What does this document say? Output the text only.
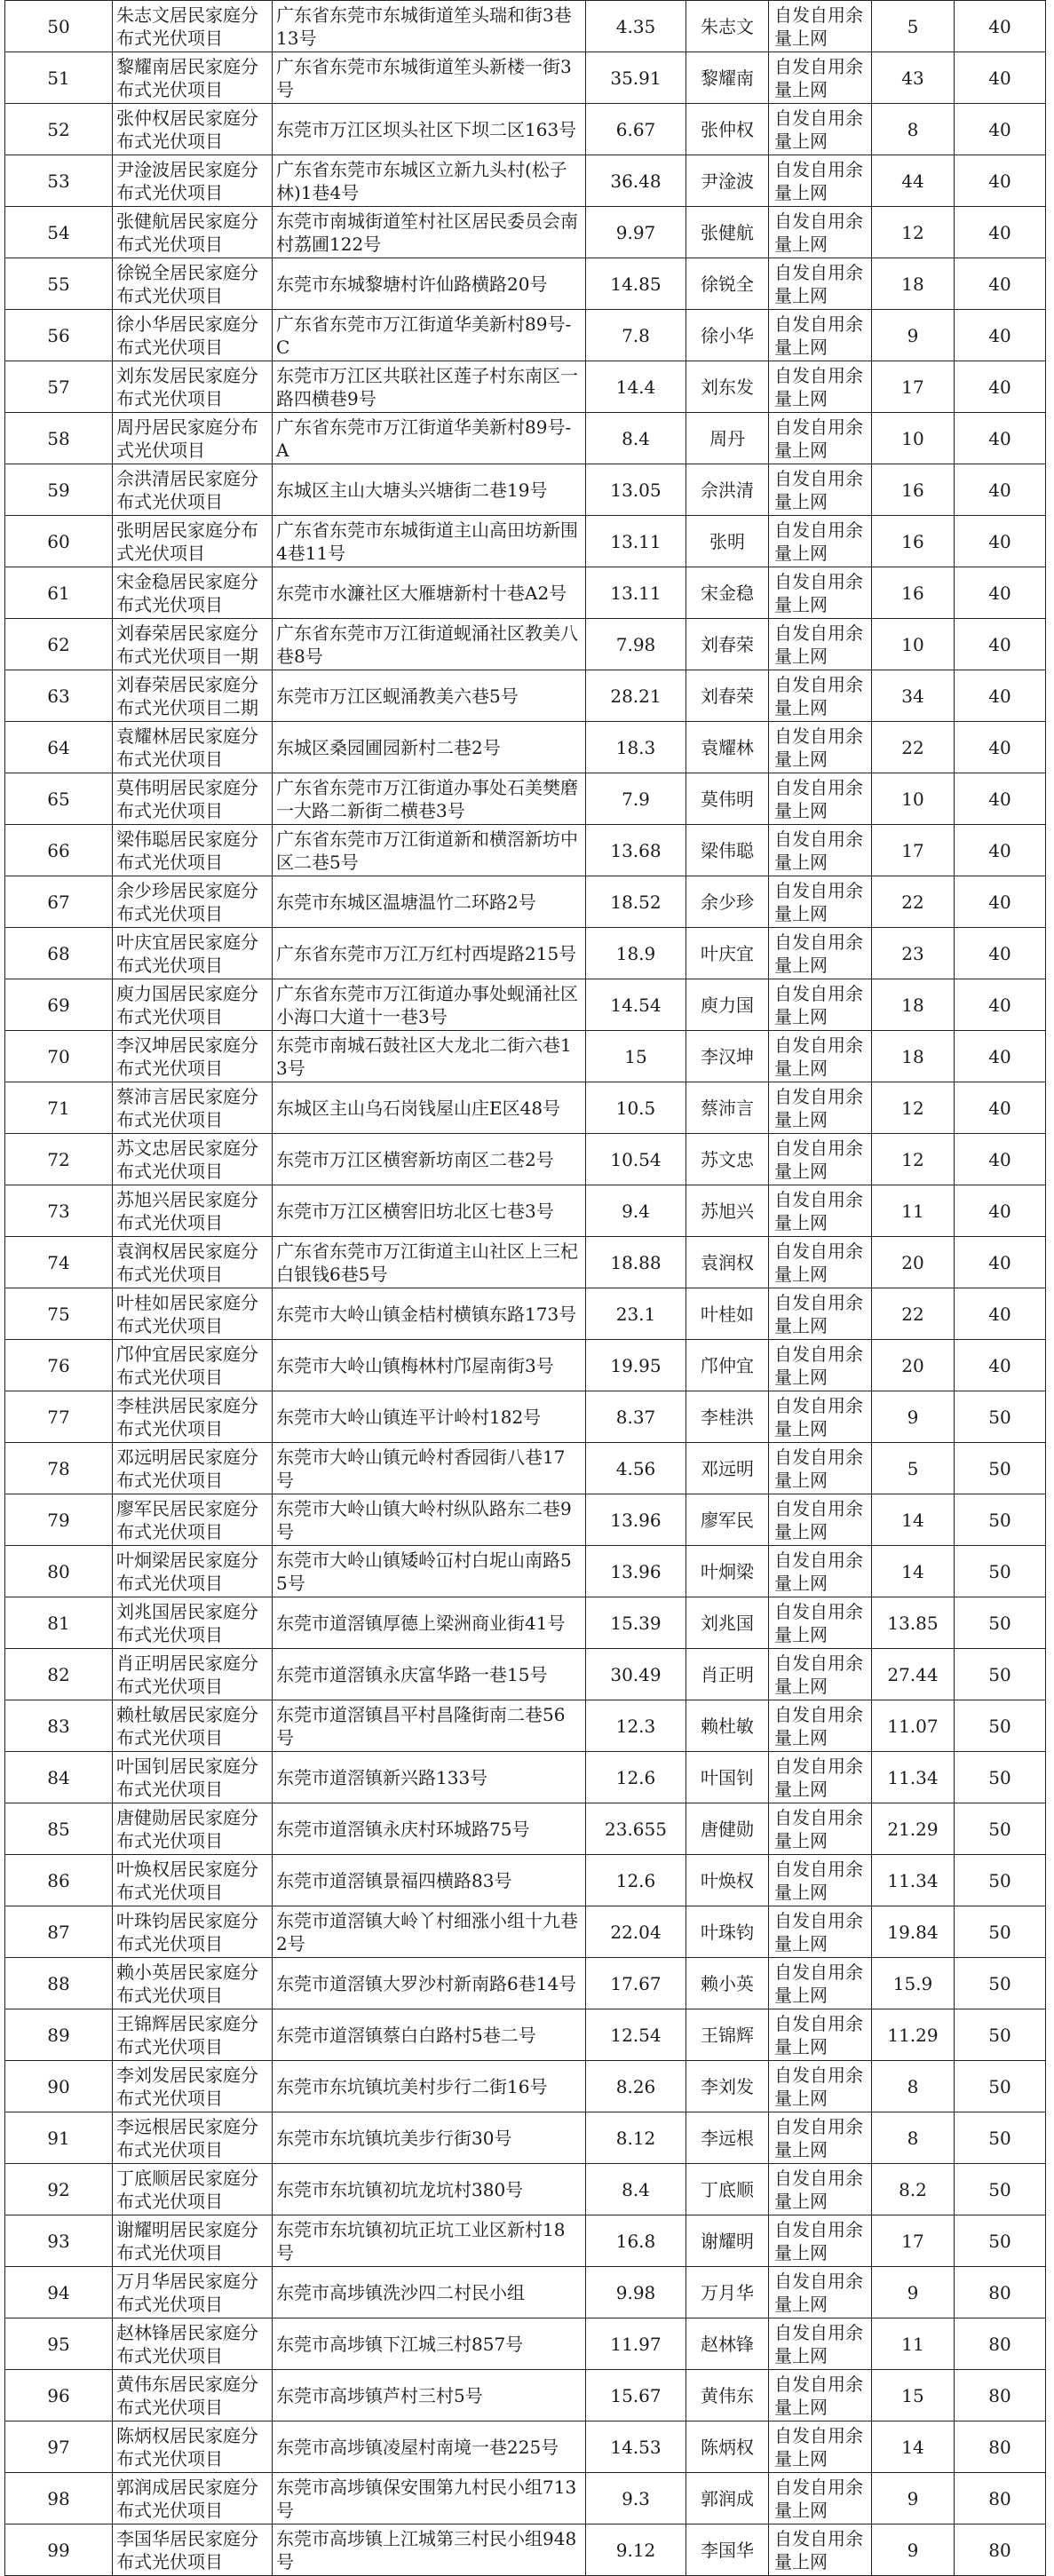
50	朱志文居民家庭分布式光伏项目	广东省东莞市东城街道笙头瑞和街3巷13号	4.35	朱志文	自发自用余量上网	5	40
51	黎耀南居民家庭分布式光伏项目	广东省东莞市东城街道笙头新楼一街3号	35.91	黎耀南	自发自用余量上网	43	40
52	张仲权居民家庭分布式光伏项目	东莞市万江区坝头社区下坝二区163号	6.67	张仲权	自发自用余量上网	8	40
53	尹淦波居民家庭分布式光伏项目	广东省东莞市东城区立新九头村(松子林)1巷4号	36.48	尹淦波	自发自用余量上网	44	40
54	张健航居民家庭分布式光伏项目	东莞市南城街道笙村社区居民委员会南村荔圃122号	9.97	张健航	自发自用余量上网	12	40
55	徐锐全居民家庭分布式光伏项目	东莞市东城黎塘村许仙路横路20号	14.85	徐锐全	自发自用余量上网	18	40
56	徐小华居民家庭分布式光伏项目	广东省东莞市万江街道华美新村89号-C	7.8	徐小华	自发自用余量上网	9	40
57	刘东发居民家庭分布式光伏项目	东莞市万江区共联社区莲子村东南区一路四横巷9号	14.4	刘东发	自发自用余量上网	17	40
58	周丹居民家庭分布式光伏项目	广东省东莞市万江街道华美新村89号-A	8.4	周丹	自发自用余量上网	10	40
59	佘洪清居民家庭分布式光伏项目	东城区主山大塘头兴塘街二巷19号	13.05	佘洪清	自发自用余量上网	16	40
60	张明居民家庭分布式光伏项目	广东省东莞市东城街道主山高田坊新围4巷11号	13.11	张明	自发自用余量上网	16	40
61	宋金稳居民家庭分布式光伏项目	东莞市水濂社区大雁塘新村十巷A2号	13.11	宋金稳	自发自用余量上网	16	40
62	刘春荣居民家庭分布式光伏项目一期	广东省东莞市万江街道蚬涌社区教美八巷8号	7.98	刘春荣	自发自用余量上网	10	40
63	刘春荣居民家庭分布式光伏项目二期	东莞市万江区蚬涌教美六巷5号	28.21	刘春荣	自发自用余量上网	34	40
64	袁耀林居民家庭分布式光伏项目	东城区桑园圃园新村二巷2号	18.3	袁耀林	自发自用余量上网	22	40
65	莫伟明居民家庭分布式光伏项目	广东省东莞市万江街道办事处石美樊磨一大路二新街二横巷3号	7.9	莫伟明	自发自用余量上网	10	40
66	梁伟聪居民家庭分布式光伏项目	广东省东莞市万江街道新和横滘新坊中区二巷5号	13.68	梁伟聪	自发自用余量上网	17	40
67	余少珍居民家庭分布式光伏项目	东莞市东城区温塘温竹二环路2号	18.52	余少珍	自发自用余量上网	22	40
68	叶庆宜居民家庭分布式光伏项目	广东省东莞市万江万红村西堤路215号	18.9	叶庆宜	自发自用余量上网	23	40
69	庾力国居民家庭分布式光伏项目	广东省东莞市万江街道办事处蚬涌社区小海口大道十一巷3号	14.54	庾力国	自发自用余量上网	18	40
70	李汉坤居民家庭分布式光伏项目	东莞市南城石鼓社区大龙北二街六巷13号	15	李汉坤	自发自用余量上网	18	40
71	蔡沛言居民家庭分布式光伏项目	东城区主山乌石岗钱屋山庄E区48号	10.5	蔡沛言	自发自用余量上网	12	40
72	苏文忠居民家庭分布式光伏项目	东莞市万江区横窖新坊南区二巷2号	10.54	苏文忠	自发自用余量上网	12	40
73	苏旭兴居民家庭分布式光伏项目	东莞市万江区横窖旧坊北区七巷3号	9.4	苏旭兴	自发自用余量上网	11	40
74	袁润权居民家庭分布式光伏项目	广东省东莞市万江街道主山社区上三杞白银钱6巷5号	18.88	袁润权	自发自用余量上网	20	40
75	叶桂如居民家庭分布式光伏项目	东莞市大岭山镇金桔村横镇东路173号	23.1	叶桂如	自发自用余量上网	22	40
76	邝仲宜居民家庭分布式光伏项目	东莞市大岭山镇梅林村邝屋南街3号	19.95	邝仲宜	自发自用余量上网	20	40
77	李桂洪居民家庭分布式光伏项目	东莞市大岭山镇连平计岭村182号	8.37	李桂洪	自发自用余量上网	9	50
78	邓远明居民家庭分布式光伏项目	东莞市大岭山镇元岭村香园街八巷17号	4.56	邓远明	自发自用余量上网	5	50
79	廖军民居民家庭分布式光伏项目	东莞市大岭山镇大岭村纵队路东二巷9号	13.96	廖军民	自发自用余量上网	14	50
80	叶炯梁居民家庭分布式光伏项目	东莞市大岭山镇矮岭冚村白坭山南路55号	13.96	叶炯梁	自发自用余量上网	14	50
81	刘兆国居民家庭分布式光伏项目	东莞市道滘镇厚德上梁洲商业街41号	15.39	刘兆国	自发自用余量上网	13.85	50
82	肖正明居民家庭分布式光伏项目	东莞市道滘镇永庆富华路一巷15号	30.49	肖正明	自发自用余量上网	27.44	50
83	赖杜敏居民家庭分布式光伏项目	东莞市道滘镇昌平村昌隆街南二巷56号	12.3	赖杜敏	自发自用余量上网	11.07	50
84	叶国钊居民家庭分布式光伏项目	东莞市道滘镇新兴路133号	12.6	叶国钊	自发自用余量上网	11.34	50
85	唐健勋居民家庭分布式光伏项目	东莞市道滘镇永庆村环城路75号	23.655	唐健勋	自发自用余量上网	21.29	50
86	叶焕权居民家庭分布式光伏项目	东莞市道滘镇景福四横路83号	12.6	叶焕权	自发自用余量上网	11.34	50
87	叶珠钧居民家庭分布式光伏项目	东莞市道滘镇大岭丫村细涨小组十九巷2号	22.04	叶珠钧	自发自用余量上网	19.84	50
88	赖小英居民家庭分布式光伏项目	东莞市道滘镇大罗沙村新南路6巷14号	17.67	赖小英	自发自用余量上网	15.9	50
89	王锦辉居民家庭分布式光伏项目	东莞市道滘镇蔡白白路村5巷二号	12.54	王锦辉	自发自用余量上网	11.29	50
90	李刘发居民家庭分布式光伏项目	东莞市东坑镇坑美村步行二街16号	8.26	李刘发	自发自用余量上网	8	50
91	李远根居民家庭分布式光伏项目	东莞市东坑镇坑美步行街30号	8.12	李远根	自发自用余量上网	8	50
92	丁底顺居民家庭分布式光伏项目	东莞市东坑镇初坑龙坑村380号	8.4	丁底顺	自发自用余量上网	8.2	50
93	谢耀明居民家庭分布式光伏项目	东莞市东坑镇初坑正坑工业区新村18号	16.8	谢耀明	自发自用余量上网	17	50
94	万月华居民家庭分布式光伏项目	东莞市高埗镇洗沙四二村民小组	9.98	万月华	自发自用余量上网	9	80
95	赵林锋居民家庭分布式光伏项目	东莞市高埗镇下江城三村857号	11.97	赵林锋	自发自用余量上网	11	80
96	黄伟东居民家庭分布式光伏项目	东莞市高埗镇芦村三村5号	15.67	黄伟东	自发自用余量上网	15	80
97	陈炳权居民家庭分布式光伏项目	东莞市高埗镇凌屋村南境一巷225号	14.53	陈炳权	自发自用余量上网	14	80
98	郭润成居民家庭分布式光伏项目	东莞市高埗镇保安围第九村民小组713号	9.3	郭润成	自发自用余量上网	9	80
99	李国华居民家庭分布式光伏项目	东莞市高埗镇上江城第三村民小组948号	9.12	李国华	自发自用余量上网	9	80
